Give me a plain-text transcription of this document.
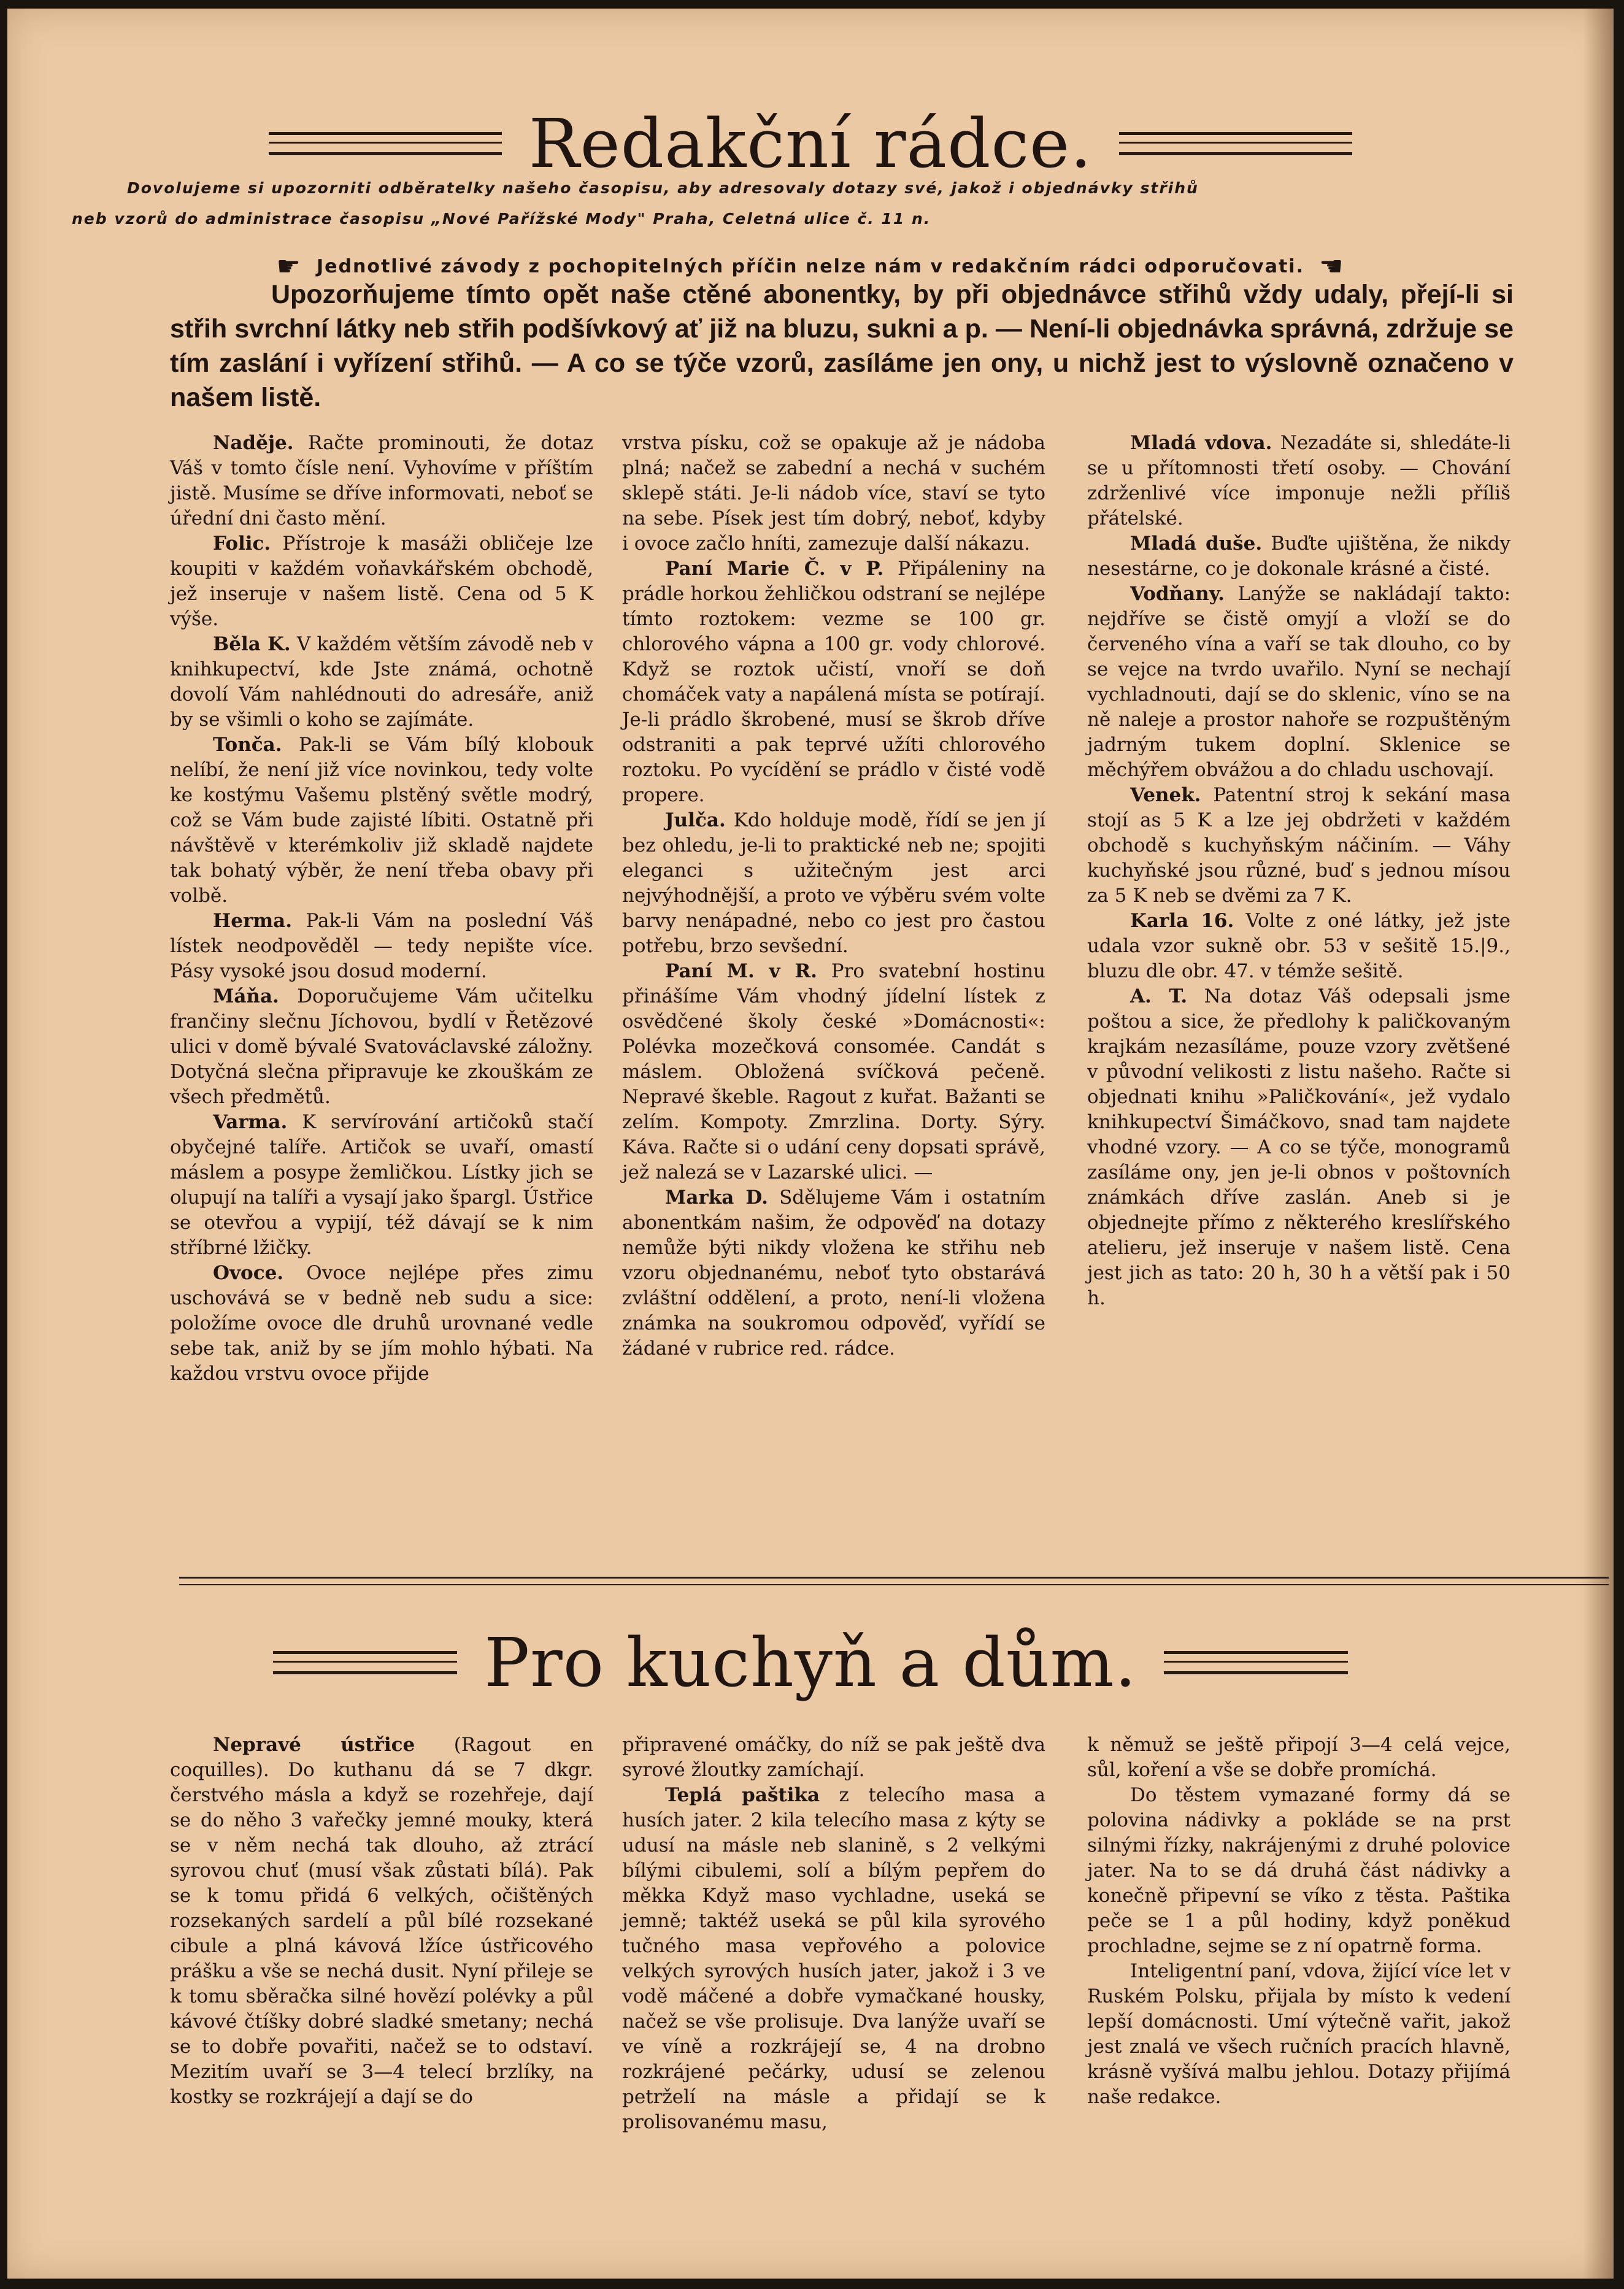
Redakční rádce.
Dovolujeme si upozorniti odběratelky našeho časopisu, aby adresovaly dotazy své, jakož i objednávky střihů

neb vzorů do administrace časopisu „Nové Pařížské Mody" Praha, Celetná ulice č. 11 n.
☛ Jednotlivé závody z pochopitelných příčin nelze nám v redakčním rádci odporučovati. ☚
Upozorňujeme tímto opět naše ctěné abonentky, by při objednávce střihů vždy udaly, přejí-li si střih svrchní látky neb střih podšívkový ať již na bluzu, sukni a p. — Není-li objednávka správná, zdržuje se tím zaslání i vyřízení střihů. — A co se týče vzorů, zasíláme jen ony, u nichž jest to výslovně označeno v našem listě.

Naděje. Račte prominouti, že dotaz Váš v tomto čísle není. Vyhovíme v příštím jistě. Musíme se dříve informovati, neboť se úřední dni často mění.

Folic. Přístroje k masáži obličeje lze koupiti v každém voňavkářském obchodě, jež inseruje v našem listě. Cena od 5 K výše.

Běla K. V každém větším závodě neb v knihkupectví, kde Jste známá, ochotně dovolí Vám nahlédnouti do adresáře, aniž by se všimli o koho se zajímáte.

Tonča. Pak-li se Vám bílý klobouk nelíbí, že není již více novinkou, tedy volte ke kostýmu Vašemu plstěný světle modrý, což se Vám bude zajisté líbiti. Ostatně při návštěvě v kterémkoliv již skladě najdete tak bohatý výběr, že není třeba obavy při volbě.

Herma. Pak-li Vám na poslední Váš lístek neodpověděl — tedy nepište více. Pásy vysoké jsou dosud moderní.

Máňa. Doporučujeme Vám učitelku frančiny slečnu Jíchovou, bydlí v Řetězové ulici v domě bývalé Svatováclavské záložny. Dotyčná slečna připravuje ke zkouškám ze všech předmětů.

Varma. K servírování artičoků stačí obyčejné talíře. Artičok se uvaří, omastí máslem a posype žemličkou. Lístky jich se olupují na talíři a vysají jako špargl. Ústřice se otevřou a vypijí, též dávají se k nim stříbrné lžičky.

Ovoce. Ovoce nejlépe přes zimu uschovává se v bedně neb sudu a sice: položíme ovoce dle druhů urovnané vedle sebe tak, aniž by se jím mohlo hýbati. Na každou vrstvu ovoce přijde

vrstva písku, což se opakuje až je nádoba plná; načež se zabední a nechá v suchém sklepě státi. Je-li nádob více, staví se tyto na sebe. Písek jest tím dobrý, neboť, kdyby i ovoce začlo hníti, zamezuje další nákazu.

Paní Marie Č. v P. Připáleniny na prádle horkou žehličkou odstraní se nejlépe tímto roztokem: vezme se 100 gr. chlorového vápna a 100 gr. vody chlorové. Když se roztok učistí, vnoří se doň chomáček vaty a napálená místa se potírají. Je-li prádlo škrobené, musí se škrob dříve odstraniti a pak teprvé užíti chlorového roztoku. Po vycídění se prádlo v čisté vodě propere.

Julča. Kdo holduje modě, řídí se jen jí bez ohledu, je-li to praktické neb ne; spojiti eleganci s užitečným jest arci nejvýhodnější, a proto ve výběru svém volte barvy nenápadné, nebo co jest pro častou potřebu, brzo sevšední.

Paní M. v R. Pro svatební hostinu přinášíme Vám vhodný jídelní lístek z osvědčené školy české »Domácnosti«: Polévka mozečková consomée. Candát s máslem. Obložená svíčková pečeně. Nepravé škeble. Ragout z kuřat. Bažanti se zelím. Kompoty. Zmrzlina. Dorty. Sýry. Káva. Račte si o udání ceny dopsati správě, jež nalezá se v Lazarské ulici. —

Marka D. Sdělujeme Vám i ostatním abonentkám našim, že odpověď na dotazy nemůže býti nikdy vložena ke střihu neb vzoru objednanému, neboť tyto obstarává zvláštní oddělení, a proto, není-li vložena známka na soukromou odpověď, vyřídí se žádané v rubrice red. rádce.

Mladá vdova. Nezadáte si, shledáte-li se u přítomnosti třetí osoby. — Chování zdrženlivé více imponuje nežli příliš přátelské.

Mladá duše. Buďte ujištěna, že nikdy nesestárne, co je dokonale krásné a čisté.

Vodňany. Lanýže se nakládají takto: nejdříve se čistě omyjí a vloží se do červeného vína a vaří se tak dlouho, co by se vejce na tvrdo uvařilo. Nyní se nechají vychladnouti, dají se do sklenic, víno se na ně naleje a prostor nahoře se rozpuštěným jadrným tukem doplní. Sklenice se měchýřem obvážou a do chladu uschovají.

Venek. Patentní stroj k sekání masa stojí as 5 K a lze jej obdržeti v každém obchodě s kuchyňským náčiním. — Váhy kuchyňské jsou různé, buď s jednou mísou za 5 K neb se dvěmi za 7 K.

Karla 16. Volte z oné látky, jež jste udala vzor sukně obr. 53 v sešitě 15.|9., bluzu dle obr. 47. v témže sešitě.

A. T. Na dotaz Váš odepsali jsme poštou a sice, že předlohy k paličkovaným krajkám nezasíláme, pouze vzory zvětšené v původní velikosti z listu našeho. Račte si objednati knihu »Paličkování«, jež vydalo knihkupectví Šimáčkovo, snad tam najdete vhodné vzory. — A co se týče, monogramů zasíláme ony, jen je-li obnos v poštovních známkách dříve zaslán. Aneb si je objednejte přímo z některého kreslířského atelieru, jež inseruje v našem listě. Cena jest jich as tato: 20 h, 30 h a větší pak i 50 h.

Pro kuchyň a dům.

Nepravé ústřice (Ragout en coquilles). Do kuthanu dá se 7 dkgr. čerstvého másla a když se rozehřeje, dají se do něho 3 vařečky jemné mouky, která se v něm nechá tak dlouho, až ztrácí syrovou chuť (musí však zůstati bílá). Pak se k tomu přidá 6 velkých, očištěných rozsekaných sardelí a půl bílé rozsekané cibule a plná kávová lžíce ústřicového prášku a vše se nechá dusit. Nyní přileje se k tomu sběračka silné hovězí polévky a půl kávové čtíšky dobré sladké smetany; nechá se to dobře povařiti, načež se to odstaví. Mezitím uvaří se 3—4 telecí brzlíky, na kostky se rozkrájejí a dají se do

připravené omáčky, do níž se pak ještě dva syrové žloutky zamíchají.

Teplá paštika z telecího masa a husích jater. 2 kila telecího masa z kýty se udusí na másle neb slanině, s 2 velkými bílými cibulemi, solí a bílým pepřem do měkka Když maso vychladne, useká se jemně; taktéž useká se půl kila syrového tučného masa vepřového a polovice velkých syrových husích jater, jakož i 3 ve vodě máčené a dobře vymačkané housky, načež se vše prolisuje. Dva lanýže uvaří se ve víně a rozkrájejí se, 4 na drobno rozkrájené pečárky, udusí se zelenou petrželí na másle a přidají se k prolisovanému masu,

k němuž se ještě připojí 3—4 celá vejce, sůl, koření a vše se dobře promíchá.

Do těstem vymazané formy dá se polovina nádivky a pokláde se na prst silnými řízky, nakrájenými z druhé polovice jater. Na to se dá druhá část nádivky a konečně připevní se víko z těsta. Paštika peče se 1 a půl hodiny, když poněkud prochladne, sejme se z ní opatrně forma.

Inteligentní paní, vdova, žijící více let v Ruském Polsku, přijala by místo k vedení lepší domácnosti. Umí výtečně vařit, jakož jest znalá ve všech ručních pracích hlavně, krásně vyšívá malbu jehlou. Dotazy přijímá naše redakce.
